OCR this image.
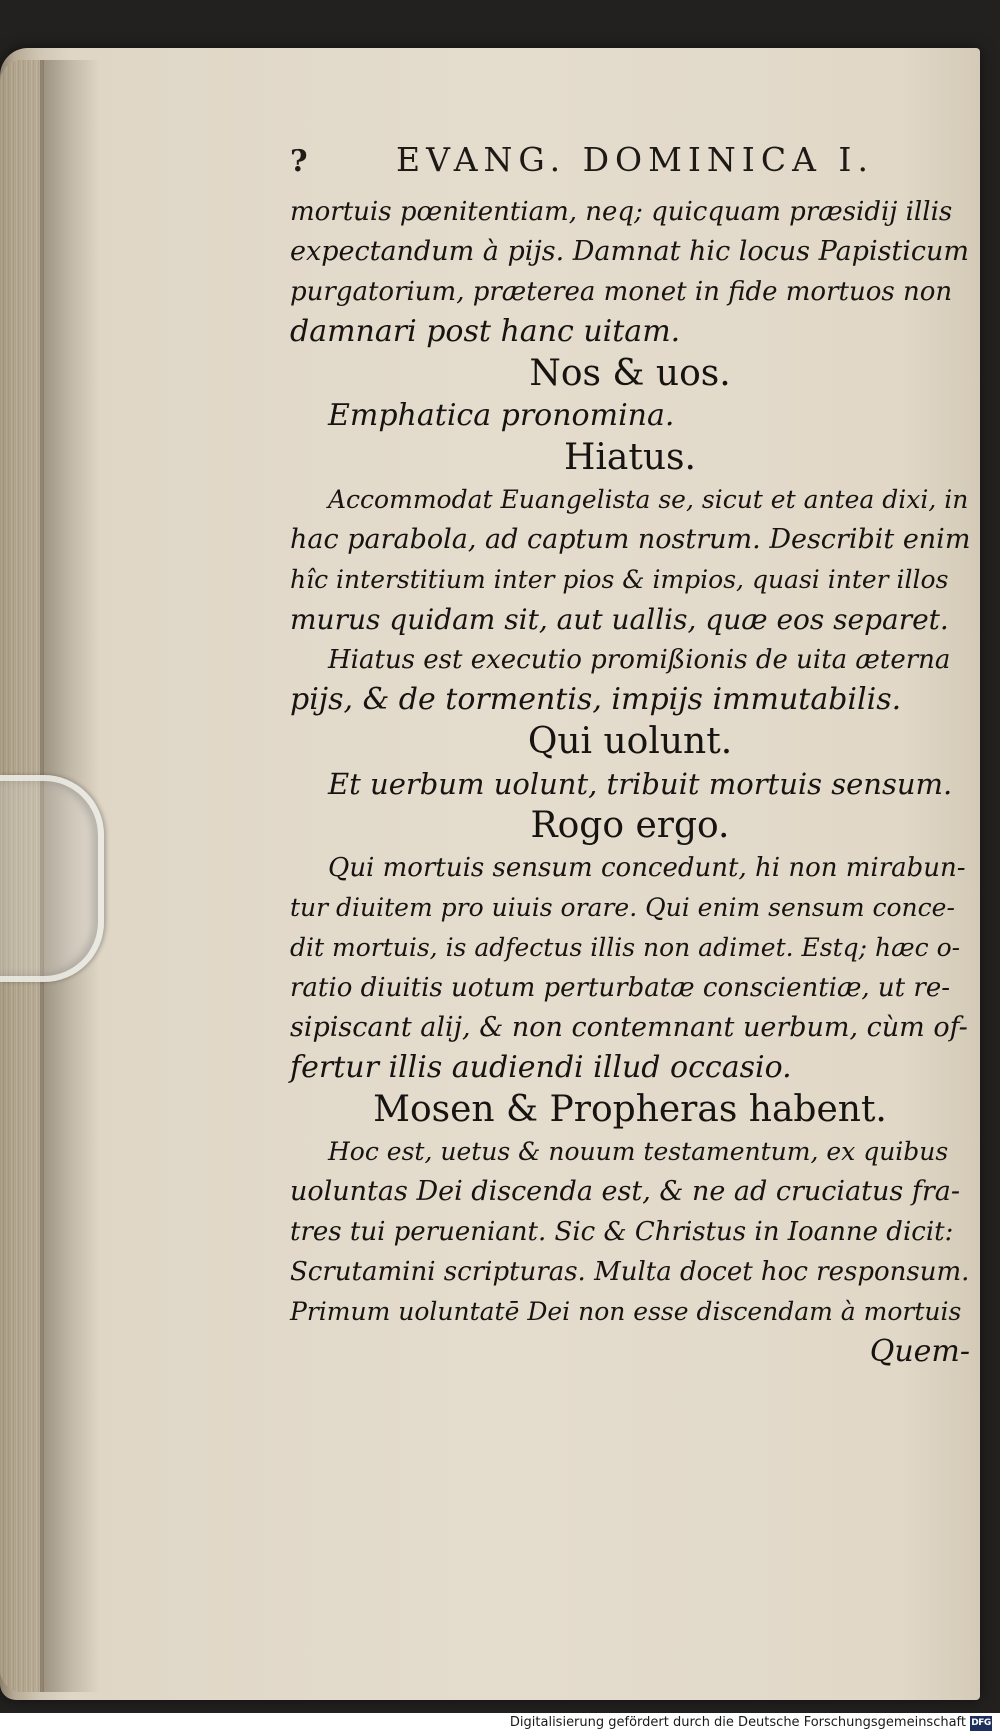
?	EVANG. DOMINICA I.
mortuis pœnitentiam, neq; quicquam præsidij illis
expectandum à pijs. Damnat hic locus Papisticum
purgatorium, præterea monet in fide mortuos non
damnari post hanc uitam.
Nos & uos.
Emphatica pronomina.
Hiatus.
Accommodat Euangelista se, sicut et antea dixi, in
hac parabola, ad captum nostrum. Describit enim
hîc interstitium inter pios & impios, quasi inter illos
murus quidam sit, aut uallis, quæ eos separet.
Hiatus est executio promißionis de uita æterna
pijs, & de tormentis, impijs immutabilis.
Qui uolunt.
Et uerbum uolunt, tribuit mortuis sensum.
Rogo ergo.
Qui mortuis sensum concedunt, hi non mirabun-
tur diuitem pro uiuis orare. Qui enim sensum conce-
dit mortuis, is adfectus illis non adimet. Estq; hæc o-
ratio diuitis uotum perturbatæ conscientiæ, ut re-
sipiscant alij, & non contemnant uerbum, cùm of-
fertur illis audiendi illud occasio.
Mosen & Propheras habent.
Hoc est, uetus & nouum testamentum, ex quibus
uoluntas Dei discenda est, & ne ad cruciatus fra-
tres tui perueniant. Sic & Christus in Ioanne dicit:
Scrutamini scripturas. Multa docet hoc responsum.
Primum uoluntatē Dei non esse discendam à mortuis
Quem-
Digitalisierung gefördert durch die Deutsche Forschungsgemeinschaft DFG
